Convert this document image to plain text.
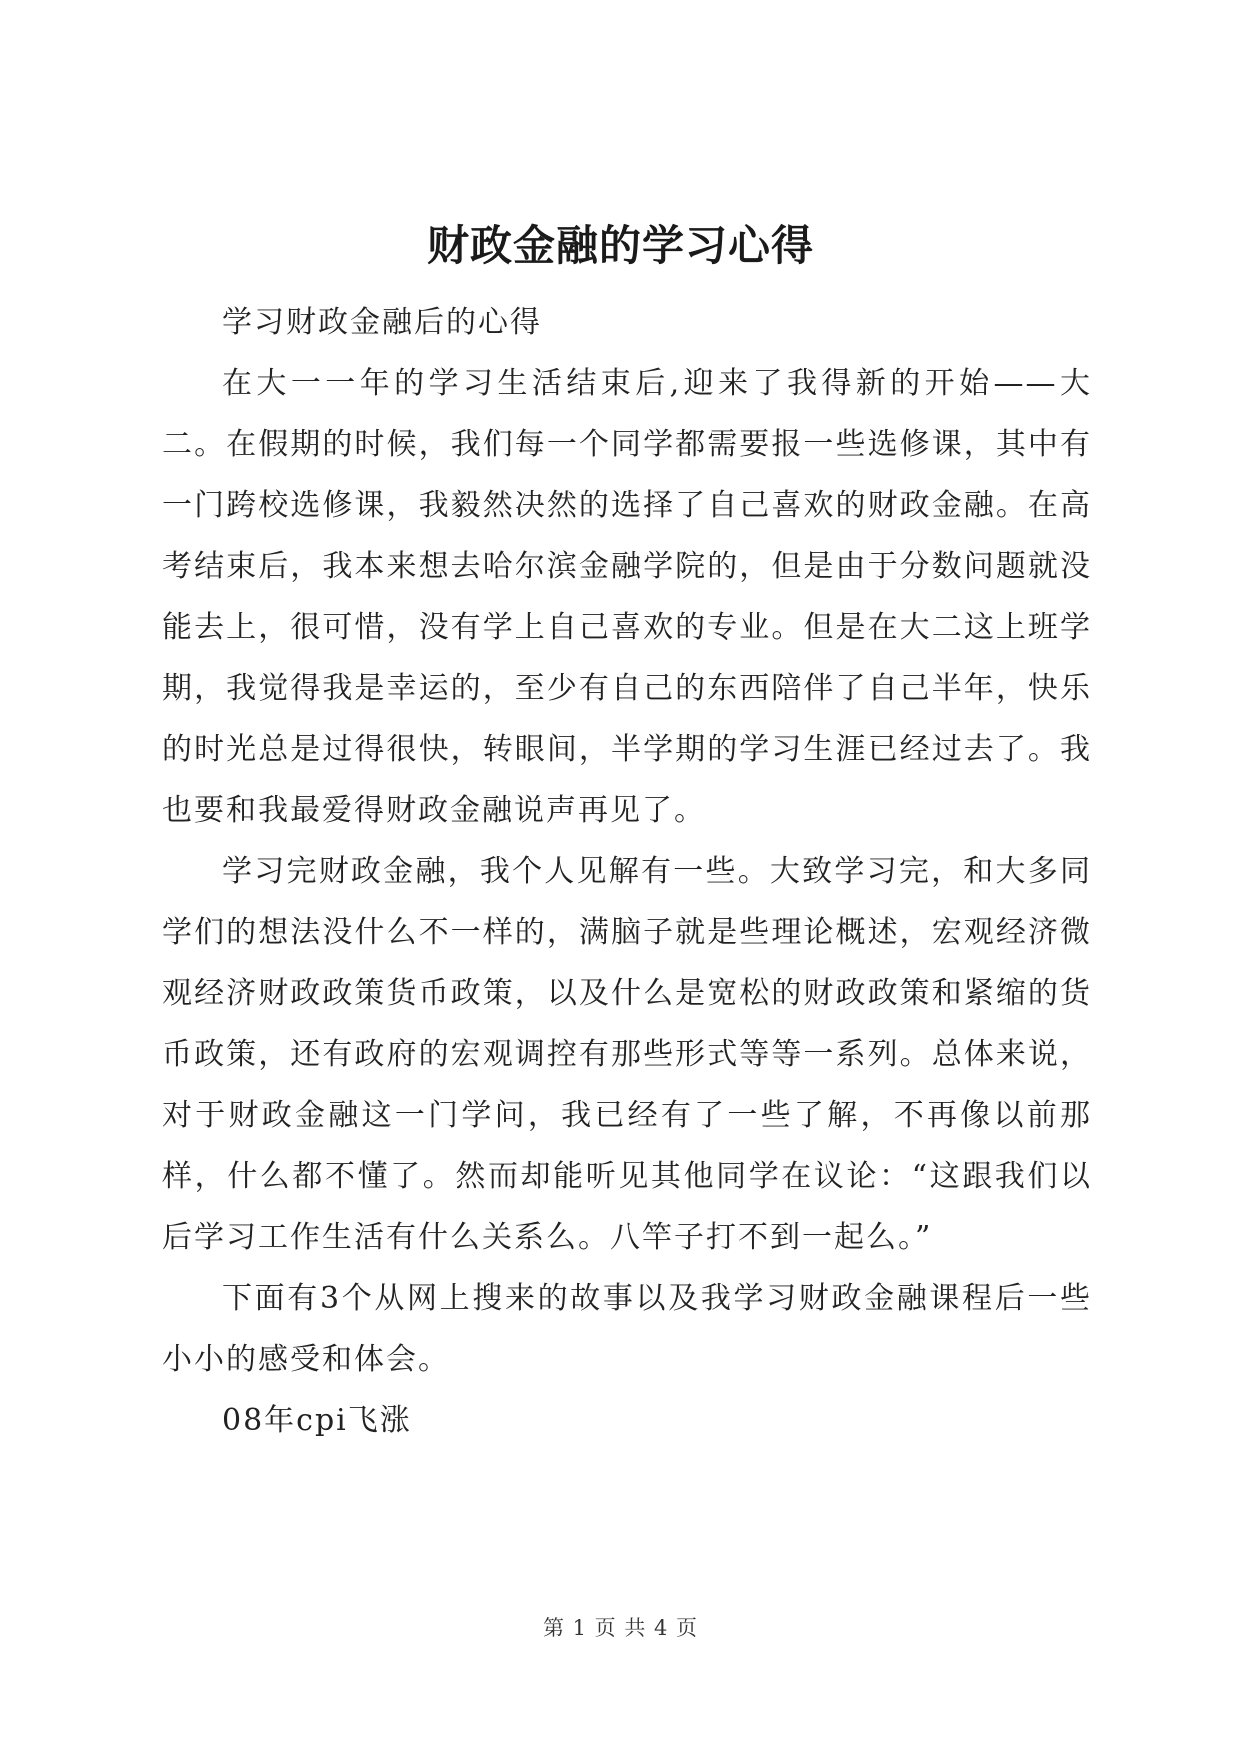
财政金融的学习心得

学习财政金融后的心得

在大一一年的学习生活结束后,迎来了我得新的开始——大二。在假期的时候，我们每一个同学都需要报一些选修课，其中有一门跨校选修课，我毅然决然的选择了自己喜欢的财政金融。在高考结束后，我本来想去哈尔滨金融学院的，但是由于分数问题就没能去上，很可惜，没有学上自己喜欢的专业。但是在大二这上班学期，我觉得我是幸运的，至少有自己的东西陪伴了自己半年，快乐的时光总是过得很快，转眼间，半学期的学习生涯已经过去了。我也要和我最爱得财政金融说声再见了。

学习完财政金融，我个人见解有一些。大致学习完，和大多同学们的想法没什么不一样的，满脑子就是些理论概述，宏观经济微观经济财政政策货币政策，以及什么是宽松的财政政策和紧缩的货币政策，还有政府的宏观调控有那些形式等等一系列。总体来说，对于财政金融这一门学问，我已经有了一些了解，不再像以前那样，什么都不懂了。然而却能听见其他同学在议论：“这跟我们以后学习工作生活有什么关系么。八竿子打不到一起么。”

下面有3个从网上搜来的故事以及我学习财政金融课程后一些小小的感受和体会。

08年cpi飞涨

第 1 页 共 4 页
